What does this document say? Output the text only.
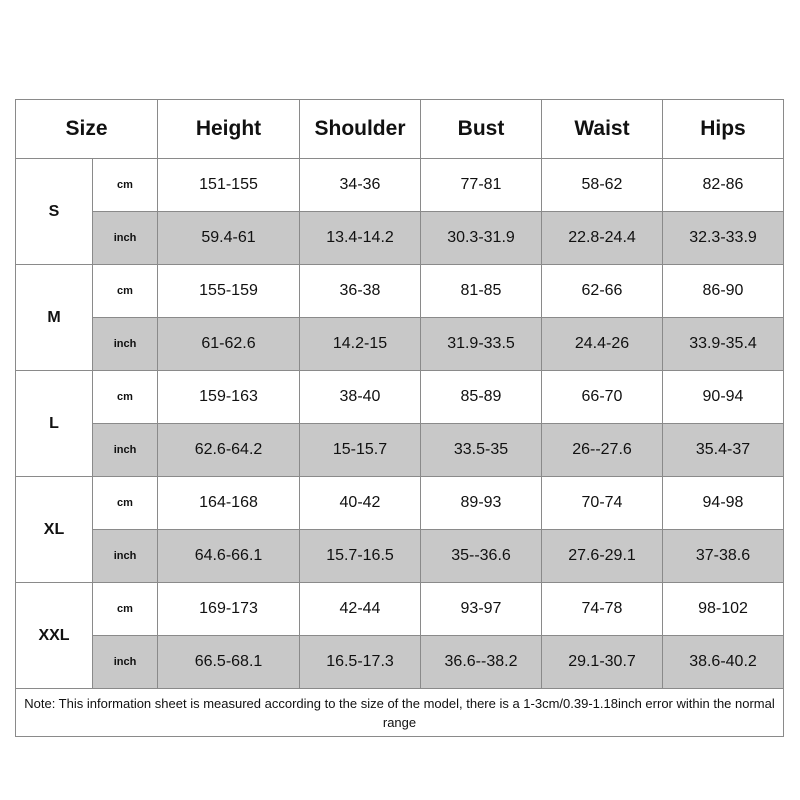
Size		Height	Shoulder	Bust	Waist	Hips
S	cm	151-155	34-36	77-81	58-62	82-86
	inch	59.4-61	13.4-14.2	30.3-31.9	22.8-24.4	32.3-33.9
M	cm	155-159	36-38	81-85	62-66	86-90
	inch	61-62.6	14.2-15	31.9-33.5	24.4-26	33.9-35.4
L	cm	159-163	38-40	85-89	66-70	90-94
	inch	62.6-64.2	15-15.7	33.5-35	26--27.6	35.4-37
XL	cm	164-168	40-42	89-93	70-74	94-98
	inch	64.6-66.1	15.7-16.5	35--36.6	27.6-29.1	37-38.6
XXL	cm	169-173	42-44	93-97	74-78	98-102
	inch	66.5-68.1	16.5-17.3	36.6--38.2	29.1-30.7	38.6-40.2
Note: This information sheet is measured according to the size of the model, there is a 1-3cm/0.39-1.18inch error within the normal range						
